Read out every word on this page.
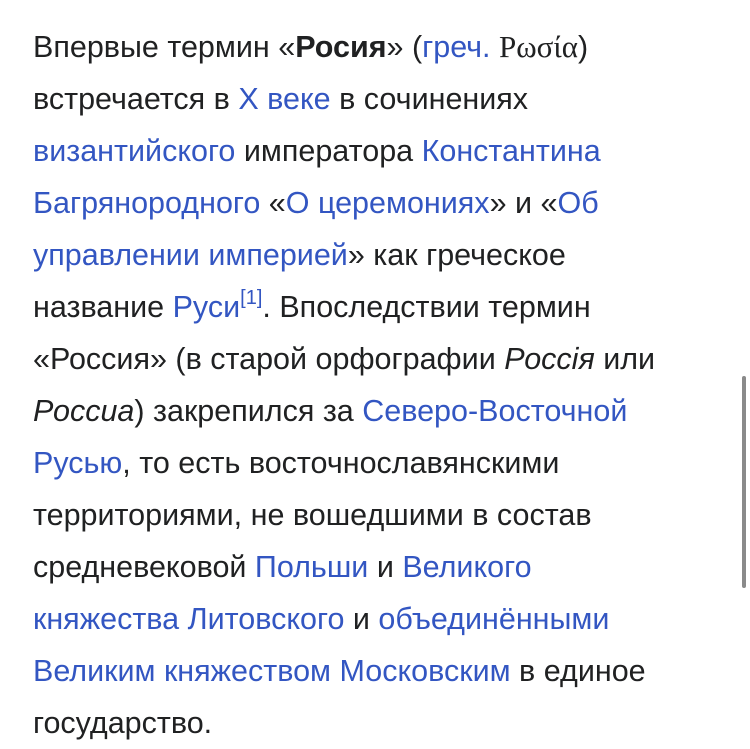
Впервые термин «Росия» (греч. Ρωσία)
встречается в X веке в сочинениях
византийского императора Константина
Багрянородного «О церемониях» и «Об
управлении империей» как греческое
название Руси[1]. Впоследствии термин
«Россия» (в старой орфографии Россія или
Россиа) закрепился за Северо-Восточной
Русью, то есть восточнославянскими
территориями, не вошедшими в состав
средневековой Польши и Великого
княжества Литовского и объединёнными
Великим княжеством Московским в единое
государство.
